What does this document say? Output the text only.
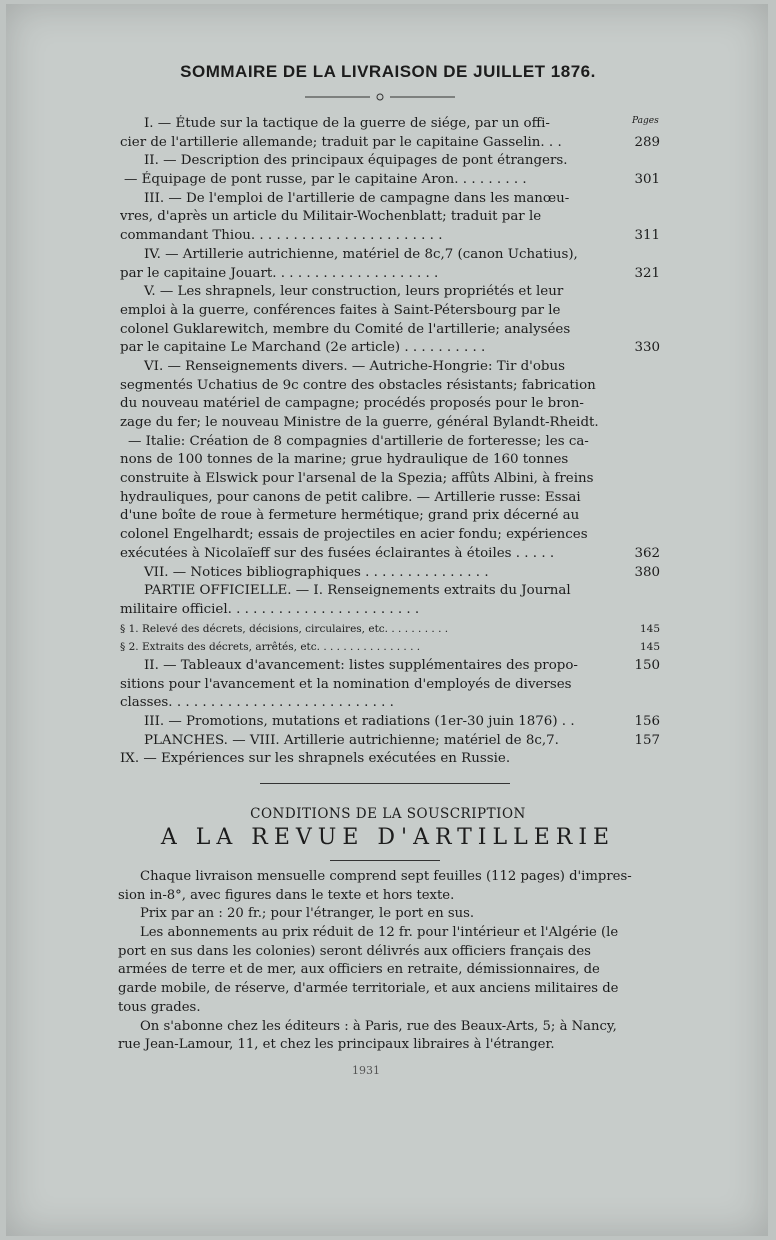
SOMMAIRE DE LA LIVRAISON DE JUILLET 1876.
Pages
I. — Étude sur la tactique de la guerre de siége, par un offi-
cier de l'artillerie allemande; traduit par le capitaine Gasselin. . .	289
II. — Description des principaux équipages de pont étrangers.
— Équipage de pont russe, par le capitaine Aron. . . . . . . . .	301
III. — De l'emploi de l'artillerie de campagne dans les manœu-
vres, d'après un article du Militair-Wochenblatt; traduit par le
commandant Thiou. . . . . . . . . . . . . . . . . . . . . . .	311
IV. — Artillerie autrichienne, matériel de 8c,7 (canon Uchatius),
par le capitaine Jouart. . . . . . . . . . . . . . . . . . . .	321
V. — Les shrapnels, leur construction, leurs propriétés et leur
emploi à la guerre, conférences faites à Saint-Pétersbourg par le
colonel Guklarewitch, membre du Comité de l'artillerie; analysées
par le capitaine Le Marchand (2e article) . . . . . . . . . .	330
VI. — Renseignements divers. — Autriche-Hongrie: Tir d'obus
segmentés Uchatius de 9c contre des obstacles résistants; fabrication
du nouveau matériel de campagne; procédés proposés pour le bron-
zage du fer; le nouveau Ministre de la guerre, général Bylandt-Rheidt.
— Italie: Création de 8 compagnies d'artillerie de forteresse; les ca-
nons de 100 tonnes de la marine; grue hydraulique de 160 tonnes
construite à Elswick pour l'arsenal de la Spezia; affûts Albini, à freins
hydrauliques, pour canons de petit calibre. — Artillerie russe: Essai
d'une boîte de roue à fermeture hermétique; grand prix décerné au
colonel Engelhardt; essais de projectiles en acier fondu; expériences
exécutées à Nicolaïeff sur des fusées éclairantes à étoiles . . . . .	362
VII. — Notices bibliographiques . . . . . . . . . . . . . . .	380
PARTIE OFFICIELLE. — I. Renseignements extraits du Journal
militaire officiel. . . . . . . . . . . . . . . . . . . . . . .
§ 1. Relevé des décrets, décisions, circulaires, etc. . . . . . . . . .	145
§ 2. Extraits des décrets, arrêtés, etc. . . . . . . . . . . . . . . .	145
II. — Tableaux d'avancement: listes supplémentaires des propo-	150
sitions pour l'avancement et la nomination d'employés de diverses
classes. . . . . . . . . . . . . . . . . . . . . . . . . . .
III. — Promotions, mutations et radiations (1er-30 juin 1876) . .	156
PLANCHES. — VIII. Artillerie autrichienne; matériel de 8c,7.	157
IX. — Expériences sur les shrapnels exécutées en Russie.
CONDITIONS DE LA SOUSCRIPTION
A LA REVUE D'ARTILLERIE
Chaque livraison mensuelle comprend sept feuilles (112 pages) d'impres-
sion in-8°, avec figures dans le texte et hors texte.
Prix par an : 20 fr.; pour l'étranger, le port en sus.
Les abonnements au prix réduit de 12 fr. pour l'intérieur et l'Algérie (le
port en sus dans les colonies) seront délivrés aux officiers français des
armées de terre et de mer, aux officiers en retraite, démissionnaires, de
garde mobile, de réserve, d'armée territoriale, et aux anciens militaires de
tous grades.
On s'abonne chez les éditeurs : à Paris, rue des Beaux-Arts, 5; à Nancy,
rue Jean-Lamour, 11, et chez les principaux libraires à l'étranger.
1931
